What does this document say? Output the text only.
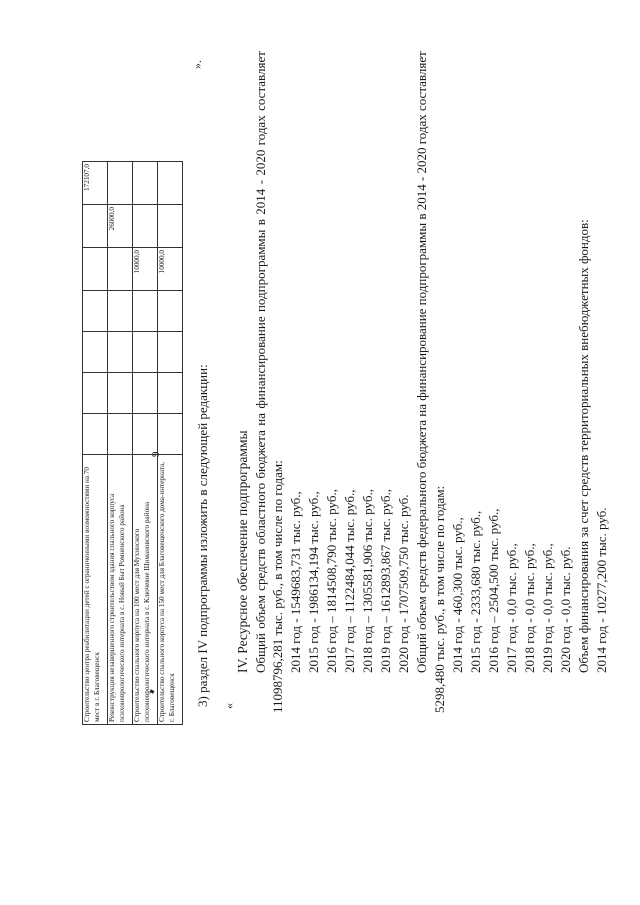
9
Строительство центра реабилитации детей с ограниченными возможностями на 70 мест в г. Благовещенск							172107,0
Реконструкция незавершенного строительством здания спального корпуса психоневрологического интерната в с. Новый Быт Ромненского района						26000,0	
Строительство спального корпуса на 100 мест для Мухинского психоневрологического интерната в с. Ключевое Шимановского района					10000,0		
Строительство спального корпуса на 150 мест для Благовещенского дома-интерната, г. Благовещенск					10000,0		
».
3) раздел IV подпрограммы изложить в следующей редакции: «
IV. Ресурсное обеспечение подпрограммы Общий
объем
средств
областного
бюджета
на
финансирование
подпрограммы
в
2014
-
2020
годах
составляет
11098796,281 тыс. руб., в том числе по годам: 2014 год - 1549683,731 тыс. руб., 2015 год - 1986134,194 тыс. руб., 2016 год – 1814508,790 тыс. руб., 2017 год – 1122484,044 тыс. руб., 2018 год – 1305581,906 тыс. руб., 2019 год – 1612893,867 тыс. руб., 2020 год - 1707509,750 тыс. руб. Общий
объем
средств
федерального
бюджета
на
финансирование
подпрограммы
в
2014
-
2020
годах
составляет
5298,480 тыс. руб., в том числе по годам: 2014 год - 460,300 тыс. руб., 2015 год - 2333,680 тыс. руб., 2016 год – 2504,500 тыс. руб., 2017 год - 0,0 тыс. руб., 2018 год - 0,0 тыс. руб., 2019 год - 0,0 тыс. руб., 2020 год - 0,0 тыс. руб. Объем финансирования за счет средств территориальных внебюджетных фондов: 2014 год - 10277,200 тыс. руб.
